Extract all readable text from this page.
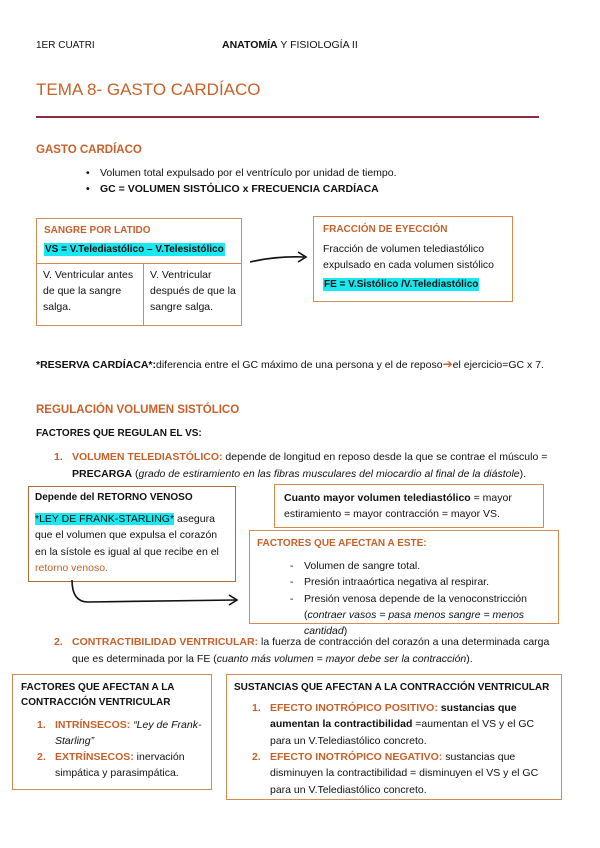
1ER CUATRI	ANATOMÍA Y FISIOLOGÍA II
TEMA 8- GASTO CARDÍACO
GASTO CARDÍACO
• Volumen total expulsado por el ventrículo por unidad de tiempo.
• GC = VOLUMEN SISTÓLICO x FRECUENCIA CARDÍACA
SANGRE POR LATIDO
VS = V.Telediastólico – V.Telesistólico
V. Ventricular antes de que la sangre salga.
V. Ventricular después de que la sangre salga.
FRACCIÓN DE EYECCIÓN
Fracción de volumen telediastólico expulsado en cada volumen sistólico
FE = V.Sistólico /V.Telediastólico
*RESERVA CARDÍACA*:diferencia entre el GC máximo de una persona y el de reposo➔el ejercicio=GC x 7.
REGULACIÓN VOLUMEN SISTÓLICO
FACTORES QUE REGULAN EL VS:
1. VOLUMEN TELEDIASTÓLICO: depende de longitud en reposo desde la que se contrae el músculo =
PRECARGA (grado de estiramiento en las fibras musculares del miocardio al final de la diástole).
Depende del RETORNO VENOSO
*LEY DE FRANK-STARLING* asegura que el volumen que expulsa el corazón en la sístole es igual al que recibe en el retorno venoso.
Cuanto mayor volumen telediastólico = mayor estiramiento = mayor contracción = mayor VS.
FACTORES QUE AFECTAN A ESTE:
- Volumen de sangre total.
- Presión intraaórtica negativa al respirar.
- Presión venosa depende de la venoconstricción (contraer vasos = pasa menos sangre = menos cantidad)
2. CONTRACTIBILIDAD VENTRICULAR: la fuerza de contracción del corazón a una determinada carga
que es determinada por la FE (cuanto más volumen = mayor debe ser la contracción).
FACTORES QUE AFECTAN A LA CONTRACCIÓN VENTRICULAR
1. INTRÍNSECOS: “Ley de Frank-Starling”
2. EXTRÍNSECOS: inervación simpática y parasimpática.
SUSTANCIAS QUE AFECTAN A LA CONTRACCIÓN VENTRICULAR
1. EFECTO INOTRÓPICO POSITIVO: sustancias que aumentan la contractibilidad =aumentan el VS y el GC para un V.Telediastólico concreto.
2. EFECTO INOTRÓPICO NEGATIVO: sustancias que disminuyen la contractibilidad = disminuyen el VS y el GC para un V.Telediastólico concreto.
